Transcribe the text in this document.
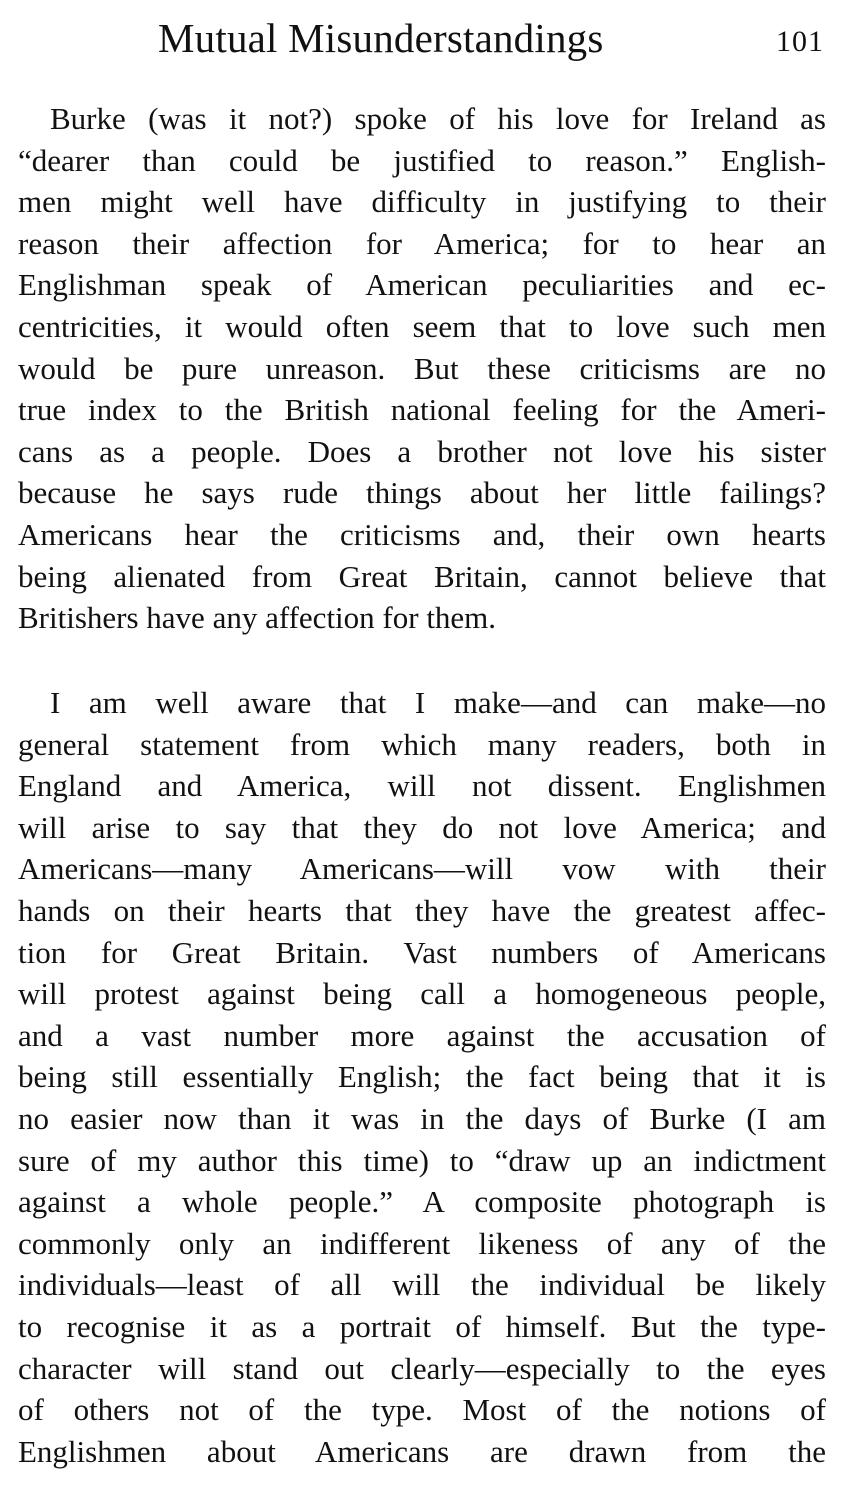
Mutual Misunderstandings	101
Burke (was it not?) spoke of his love for Ireland as
“dearer than could be justified to reason.” English-
men might well have difficulty in justifying to their
reason their affection for America; for to hear an
Englishman speak of American peculiarities and ec-
centricities, it would often seem that to love such men
would be pure unreason. But these criticisms are no
true index to the British national feeling for the Ameri-
cans as a people. Does a brother not love his sister
because he says rude things about her little failings?
Americans hear the criticisms and, their own hearts
being alienated from Great Britain, cannot believe that
Britishers have any affection for them.
I am well aware that I make—and can make—no
general statement from which many readers, both in
England and America, will not dissent. Englishmen
will arise to say that they do not love America; and
Americans—many Americans—will vow with their
hands on their hearts that they have the greatest affec-
tion for Great Britain. Vast numbers of Americans
will protest against being call a homogeneous people,
and a vast number more against the accusation of
being still essentially English; the fact being that it is
no easier now than it was in the days of Burke (I am
sure of my author this time) to “draw up an indictment
against a whole people.” A composite photograph is
commonly only an indifferent likeness of any of the
individuals—least of all will the individual be likely
to recognise it as a portrait of himself. But the type-
character will stand out clearly—especially to the eyes
of others not of the type. Most of the notions of
Englishmen about Americans are drawn from the
